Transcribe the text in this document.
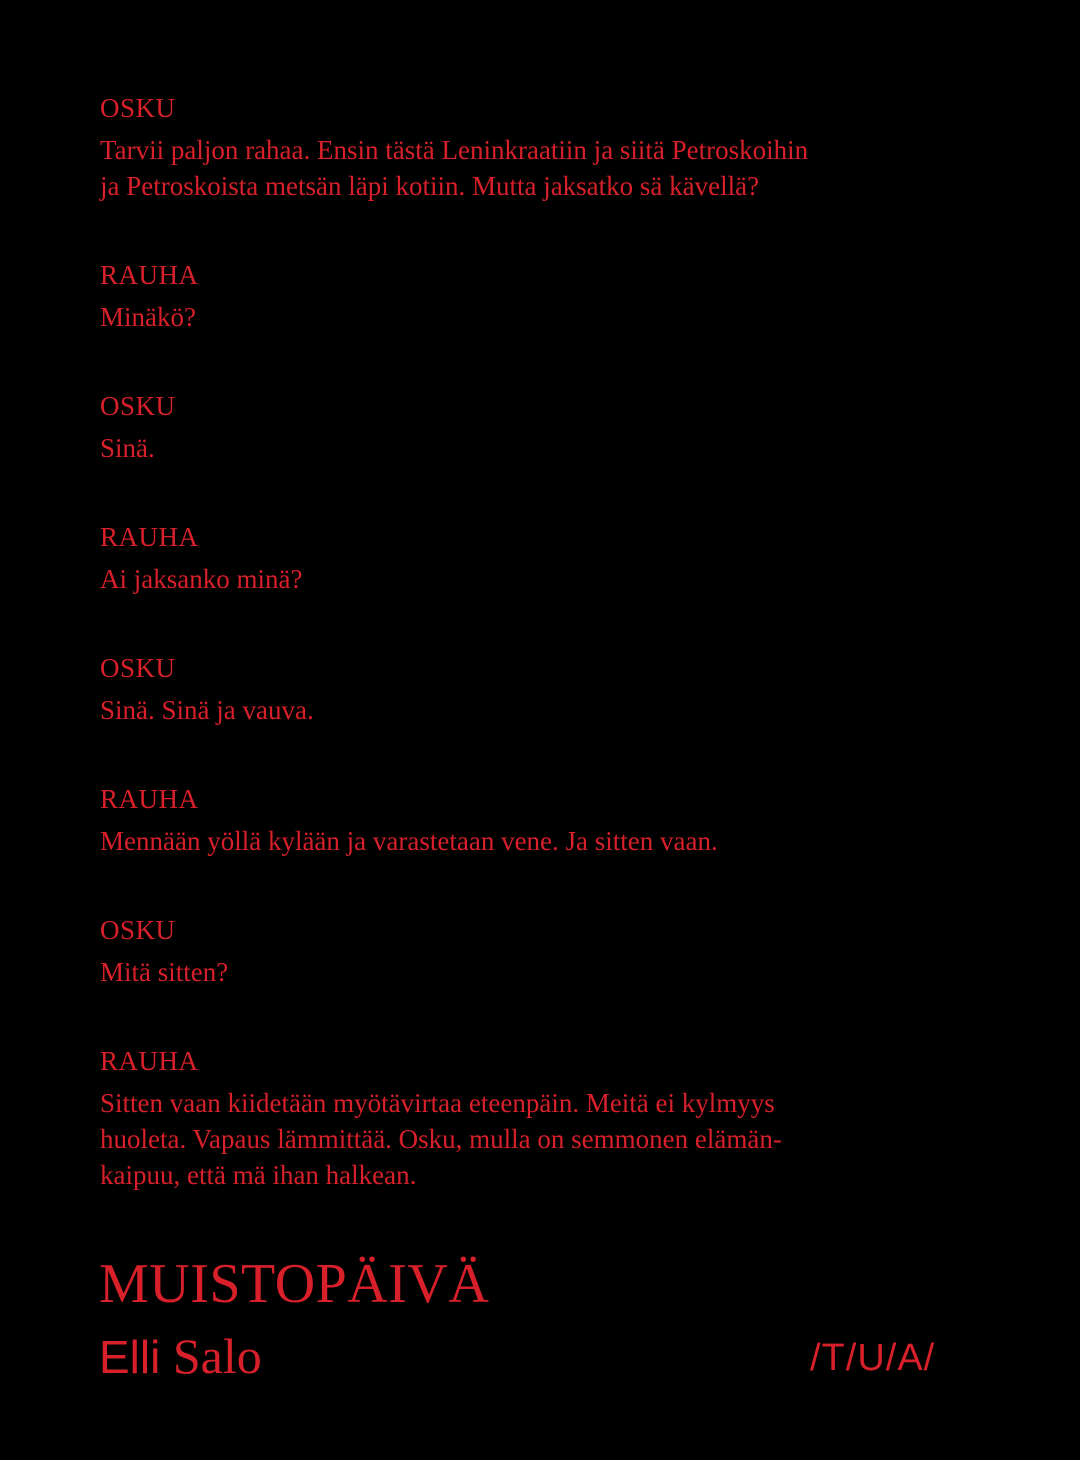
OSKU
Tarvii paljon rahaa. Ensin tästä Leninkraatiin ja siitä Petroskoihin
ja Petroskoista metsän läpi kotiin. Mutta jaksatko sä kävellä?
RAUHA
Minäkö?
OSKU
Sinä.
RAUHA
Ai jaksanko minä?
OSKU
Sinä. Sinä ja vauva.
RAUHA
Mennään yöllä kylään ja varastetaan vene. Ja sitten vaan.
OSKU
Mitä sitten?
RAUHA
Sitten vaan kiidetään myötävirtaa eteenpäin. Meitä ei kylmyys
huoleta. Vapaus lämmittää. Osku, mulla on semmonen elämän-
kaipuu, että mä ihan halkean.
MUISTOPÄIVÄ
Elli Salo	/T/U/A/
